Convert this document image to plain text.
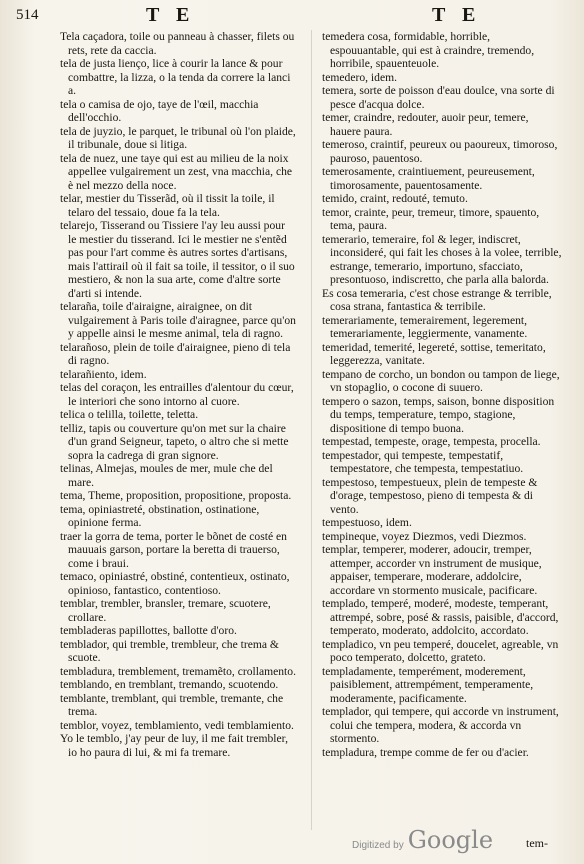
514	T E	T E

Tela caçadora, toile ou panneau à chasser, filets ou rets, rete da caccia.

tela de justa lienço, lice à courir la lance & pour combattre, la lizza, o la tenda da correre la lanci a.

tela o camisa de ojo, taye de l'œil, macchia dell'occhio.

tela de juyzio, le parquet, le tribunal où l'on plaide, il tribunale, doue si litiga.

tela de nuez, une taye qui est au milieu de la noix appellee vulgairement un zest, vna macchia, che è nel mezzo della noce.

telar, mestier du Tisserãd, où il tissit la toile, il telaro del tessaio, doue fa la tela.

telarejo, Tisserand ou Tissiere l'ay leu aussi pour le mestier du tisserand. Ici le mestier ne s'entẽd pas pour l'art comme ès autres sortes d'artisans, mais l'attirail où il fait sa toile, il tessitor, o il suo mestiero, & non la sua arte, come d'altre sorte d'arti si intende.

telaraña, toile d'airaigne, airaignee, on dit vulgairement à Paris toile d'airagnee, parce qu'on y appelle ainsi le mesme animal, tela di ragno.

telarañoso, plein de toile d'airaignee, pieno di tela di ragno.

telarañiento, idem.

telas del coraçon, les entrailles d'alentour du cœur, le interiori che sono intorno al cuore.

telica o telilla, toilette, teletta.

telliz, tapis ou couverture qu'on met sur la chaire d'un grand Seigneur, tapeto, o altro che si mette sopra la cadrega di gran signore.

telinas, Almejas, moules de mer, mule che del mare.

tema, Theme, proposition, propositione, proposta.

tema, opiniastreté, obstination, ostinatione, opinione ferma.

traer la gorra de tema, porter le bõnet de costé en mauuais garson, portare la beretta di trauerso, come i braui.

temaco, opiniastré, obstiné, contentieux, ostinato, opinioso, fantastico, contentioso.

temblar, trembler, bransler, tremare, scuotere, crollare.

tembladeras papillottes, ballotte d'oro.

temblador, qui tremble, trembleur, che trema & scuote.

tembladura, tremblement, tremamẽto, crollamento.

temblando, en tremblant, tremando, scuotendo.

temblante, tremblant, qui tremble, tremante, che trema.

temblor, voyez, temblamiento, vedi temblamiento.

Yo le temblo, j'ay peur de luy, il me fait trembler, io ho paura di lui, & mi fa tremare.

temedera cosa, formidable, horrible, espouuantable, qui est à craindre, tremendo, horribile, spauenteuole.

temedero, idem.

temera, sorte de poisson d'eau doulce, vna sorte di pesce d'acqua dolce.

temer, craindre, redouter, auoir peur, temere, hauere paura.

temeroso, craintif, peureux ou paoureux, timoroso, pauroso, pauentoso.

temerosamente, craintiuement, peureusement, timorosamente, pauentosamente.

temido, craint, redouté, temuto.

temor, crainte, peur, tremeur, timore, spauento, tema, paura.

temerario, temeraire, fol & leger, indiscret, inconsideré, qui fait les choses à la volee, terrible, estrange, temerario, importuno, sfacciato, presontuoso, indiscretto, che parla alla balorda.

Es cosa temeraria, c'est chose estrange & terrible, cosa strana, fantastica & terribile.

temerariamente, temerairement, legerement, temerariamente, leggiermente, vanamente.

temeridad, temerité, legereté, sottise, temeritato, leggerezza, vanitate.

tempano de corcho, un bondon ou tampon de liege, vn stopaglio, o cocone di suuero.

tempero o sazon, temps, saison, bonne disposition du temps, temperature, tempo, stagione, dispositione di tempo buona.

tempestad, tempeste, orage, tempesta, procella.

tempestador, qui tempeste, tempestatif, tempestatore, che tempesta, tempestatiuo.

tempestoso, tempestueux, plein de tempeste & d'orage, tempestoso, pieno di tempesta & di vento.

tempestuoso, idem.

tempineque, voyez Diezmos, vedi Diezmos.

templar, temperer, moderer, adoucir, tremper, attemper, accorder vn instrument de musique, appaiser, temperare, moderare, addolcire, accordare vn stormento musicale, pacificare.

templado, temperé, moderé, modeste, temperant, attrempé, sobre, posé & rassis, paisible, d'accord, temperato, moderato, addolcito, accordato.

templadico, vn peu temperé, doucelet, agreable, vn poco temperato, dolcetto, grateto.

templadamente, temperément, moderement, paisiblement, attrempément, temperamente, moderamente, pacificamente.

templador, qui tempere, qui accorde vn instrument, colui che tempera, modera, & accorda vn stormento.

templadura, trempe comme de fer ou d'acier.

Digitized by Google	tem-
